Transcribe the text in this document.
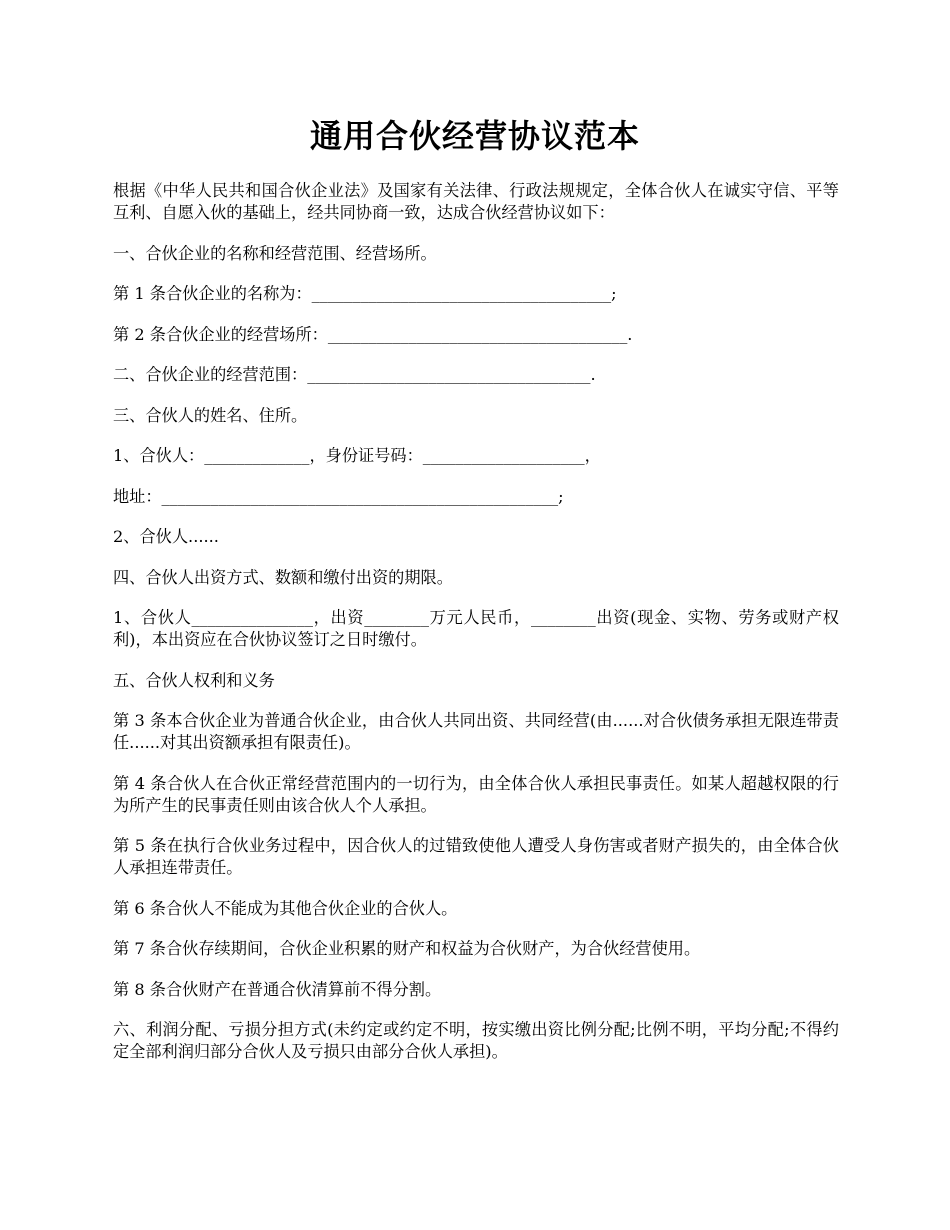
通用合伙经营协议范本

根据《中华人民共和国合伙企业法》及国家有关法律、行政法规规定，全体合伙人在诚实守信、平等互利、自愿入伙的基础上，经共同协商一致，达成合伙经营协议如下：

一、合伙企业的名称和经营范围、经营场所。

第 1 条合伙企业的名称为：_____________________________________;

第 2 条合伙企业的经营场所：_____________________________________.

二、合伙企业的经营范围：___________________________________.

三、合伙人的姓名、住所。

1、合伙人：_____________，身份证号码：____________________，

地址：_________________________________________________;

2、合伙人......

四、合伙人出资方式、数额和缴付出资的期限。

1、合伙人_______________，出资________万元人民币，________出资(现金、实物、劳务或财产权利)，本出资应在合伙协议签订之日时缴付。

五、合伙人权利和义务

第 3 条本合伙企业为普通合伙企业，由合伙人共同出资、共同经营(由......对合伙债务承担无限连带责任......对其出资额承担有限责任)。

第 4 条合伙人在合伙正常经营范围内的一切行为，由全体合伙人承担民事责任。如某人超越权限的行为所产生的民事责任则由该合伙人个人承担。

第 5 条在执行合伙业务过程中，因合伙人的过错致使他人遭受人身伤害或者财产损失的，由全体合伙人承担连带责任。

第 6 条合伙人不能成为其他合伙企业的合伙人。

第 7 条合伙存续期间，合伙企业积累的财产和权益为合伙财产，为合伙经营使用。

第 8 条合伙财产在普通合伙清算前不得分割。

六、利润分配、亏损分担方式(未约定或约定不明，按实缴出资比例分配;比例不明，平均分配;不得约定全部利润归部分合伙人及亏损只由部分合伙人承担)。
